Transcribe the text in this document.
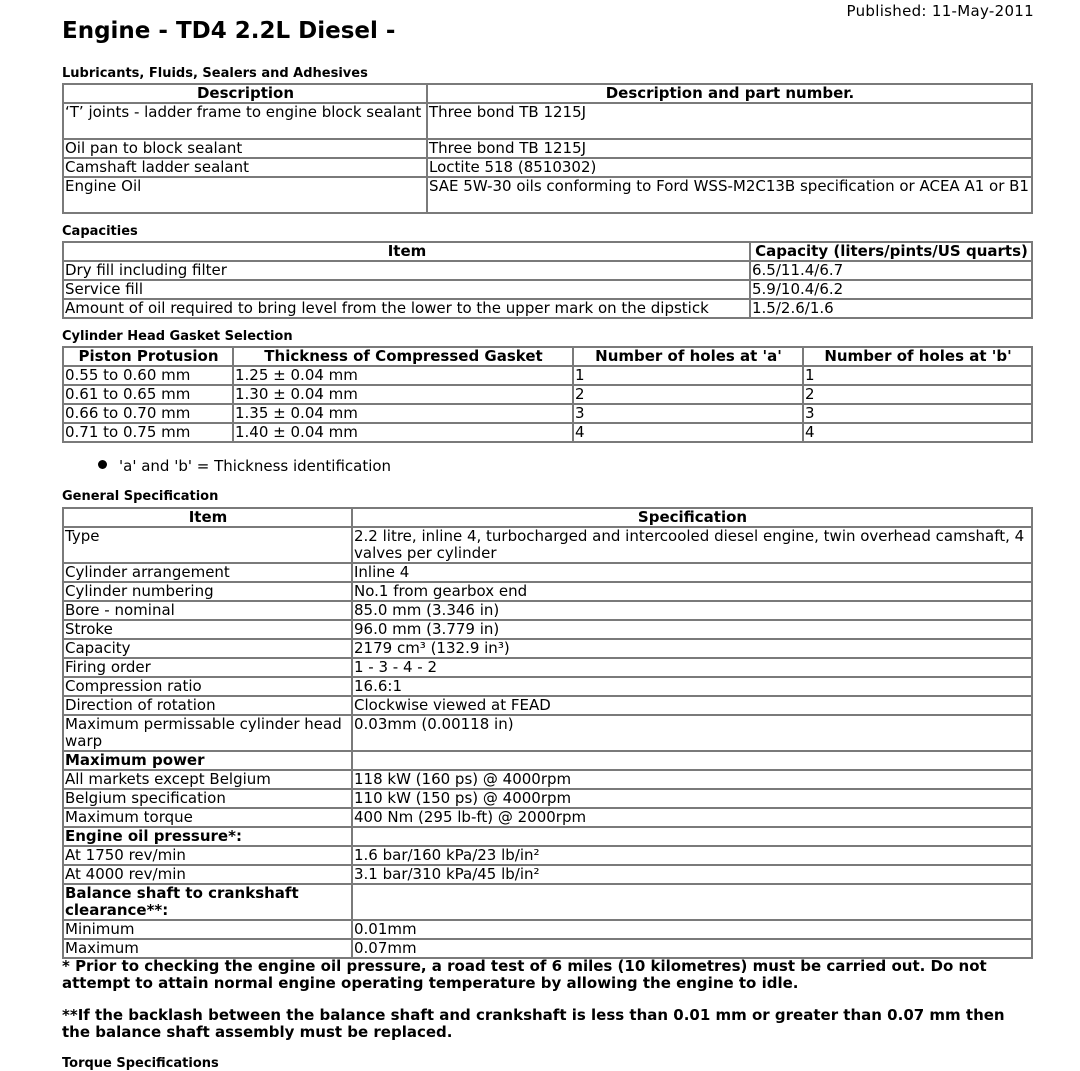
Published: 11-May-2011
Engine - TD4 2.2L Diesel -
Lubricants, Fluids, Sealers and Adhesives
Description	Description and part number.
‘T’ joints - ladder frame to engine block sealant	Three bond TB 1215J
Oil pan to block sealant	Three bond TB 1215J
Camshaft ladder sealant	Loctite 518 (8510302)
Engine Oil	SAE 5W-30 oils conforming to Ford WSS-M2C13B specification or ACEA A1 or B1
Capacities
Item	Capacity (liters/pints/US quarts)
Dry fill including filter	6.5/11.4/6.7
Service fill	5.9/10.4/6.2
Amount of oil required to bring level from the lower to the upper mark on the dipstick	1.5/2.6/1.6
Cylinder Head Gasket Selection
Piston Protusion	Thickness of Compressed Gasket	Number of holes at 'a'	Number of holes at 'b'
0.55 to 0.60 mm	1.25 ± 0.04 mm	1	1
0.61 to 0.65 mm	1.30 ± 0.04 mm	2	2
0.66 to 0.70 mm	1.35 ± 0.04 mm	3	3
0.71 to 0.75 mm	1.40 ± 0.04 mm	4	4
'a' and 'b' = Thickness identification
General Specification
Item	Specification
Type	2.2 litre, inline 4, turbocharged and intercooled diesel engine, twin overhead camshaft, 4 valves per cylinder
Cylinder arrangement	Inline 4
Cylinder numbering	No.1 from gearbox end
Bore - nominal	85.0 mm (3.346 in)
Stroke	96.0 mm (3.779 in)
Capacity	2179 cm³ (132.9 in³)
Firing order	1 - 3 - 4 - 2
Compression ratio	16.6:1
Direction of rotation	Clockwise viewed at FEAD
Maximum permissable cylinder head warp	0.03mm (0.00118 in)
Maximum power	
All markets except Belgium	118 kW (160 ps) @ 4000rpm
Belgium specification	110 kW (150 ps) @ 4000rpm
Maximum torque	400 Nm (295 lb-ft) @ 2000rpm
Engine oil pressure*:	
At 1750 rev/min	1.6 bar/160 kPa/23 lb/in²
At 4000 rev/min	3.1 bar/310 kPa/45 lb/in²
Balance shaft to crankshaft clearance**:	
Minimum	0.01mm
Maximum	0.07mm
* Prior to checking the engine oil pressure, a road test of 6 miles (10 kilometres) must be carried out. Do not attempt to attain normal engine operating temperature by allowing the engine to idle.
**If the backlash between the balance shaft and crankshaft is less than 0.01 mm or greater than 0.07 mm then the balance shaft assembly must be replaced.
Torque Specifications
